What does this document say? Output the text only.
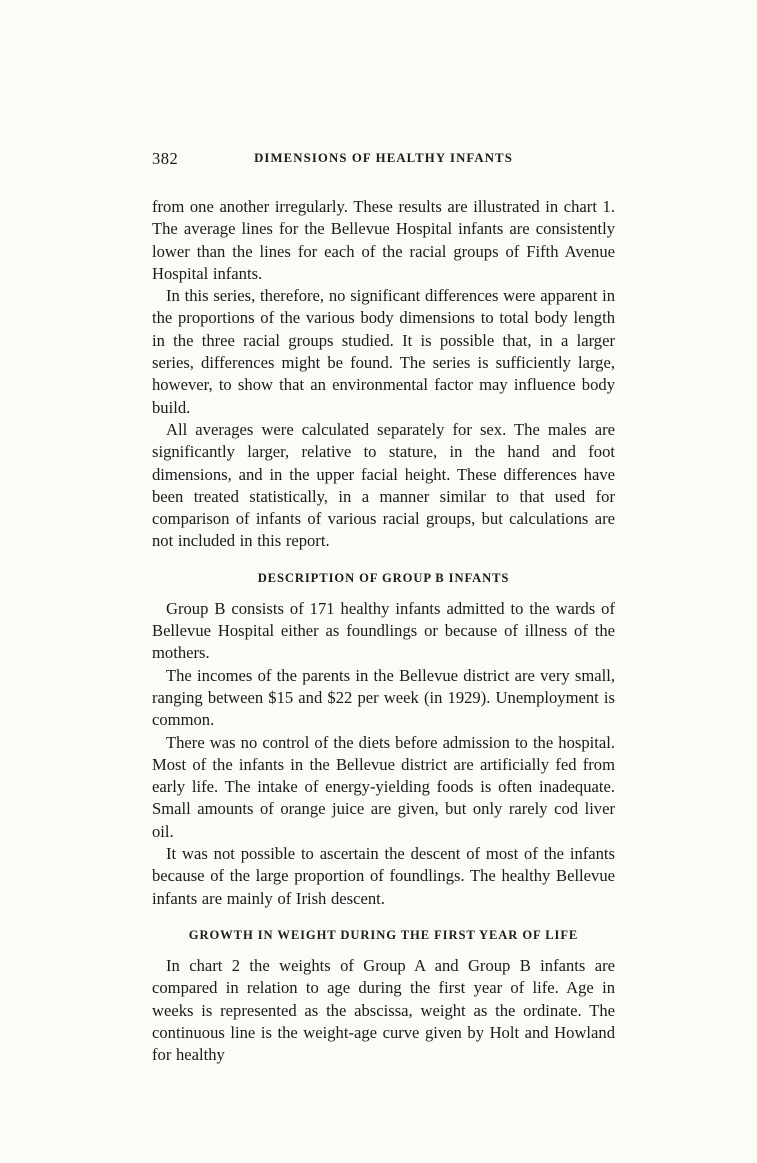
382	DIMENSIONS OF HEALTHY INFANTS

from one another irregularly. These results are illustrated in chart 1. The average lines for the Bellevue Hospital infants are consistently lower than the lines for each of the racial groups of Fifth Avenue Hospital infants.

In this series, therefore, no significant differences were apparent in the proportions of the various body dimensions to total body length in the three racial groups studied. It is possible that, in a larger series, differences might be found. The series is sufficiently large, however, to show that an environmental factor may influence body build.

All averages were calculated separately for sex. The males are significantly larger, relative to stature, in the hand and foot dimensions, and in the upper facial height. These differences have been treated statistically, in a manner similar to that used for comparison of infants of various racial groups, but calculations are not included in this report.

DESCRIPTION OF GROUP B INFANTS

Group B consists of 171 healthy infants admitted to the wards of Bellevue Hospital either as foundlings or because of illness of the mothers.

The incomes of the parents in the Bellevue district are very small, ranging between $15 and $22 per week (in 1929). Unemployment is common.

There was no control of the diets before admission to the hospital. Most of the infants in the Bellevue district are artificially fed from early life. The intake of energy-yielding foods is often inadequate. Small amounts of orange juice are given, but only rarely cod liver oil.

It was not possible to ascertain the descent of most of the infants because of the large proportion of foundlings. The healthy Bellevue infants are mainly of Irish descent.

GROWTH IN WEIGHT DURING THE FIRST YEAR OF LIFE

In chart 2 the weights of Group A and Group B infants are compared in relation to age during the first year of life. Age in weeks is represented as the abscissa, weight as the ordinate. The continuous line is the weight-age curve given by Holt and Howland for healthy
